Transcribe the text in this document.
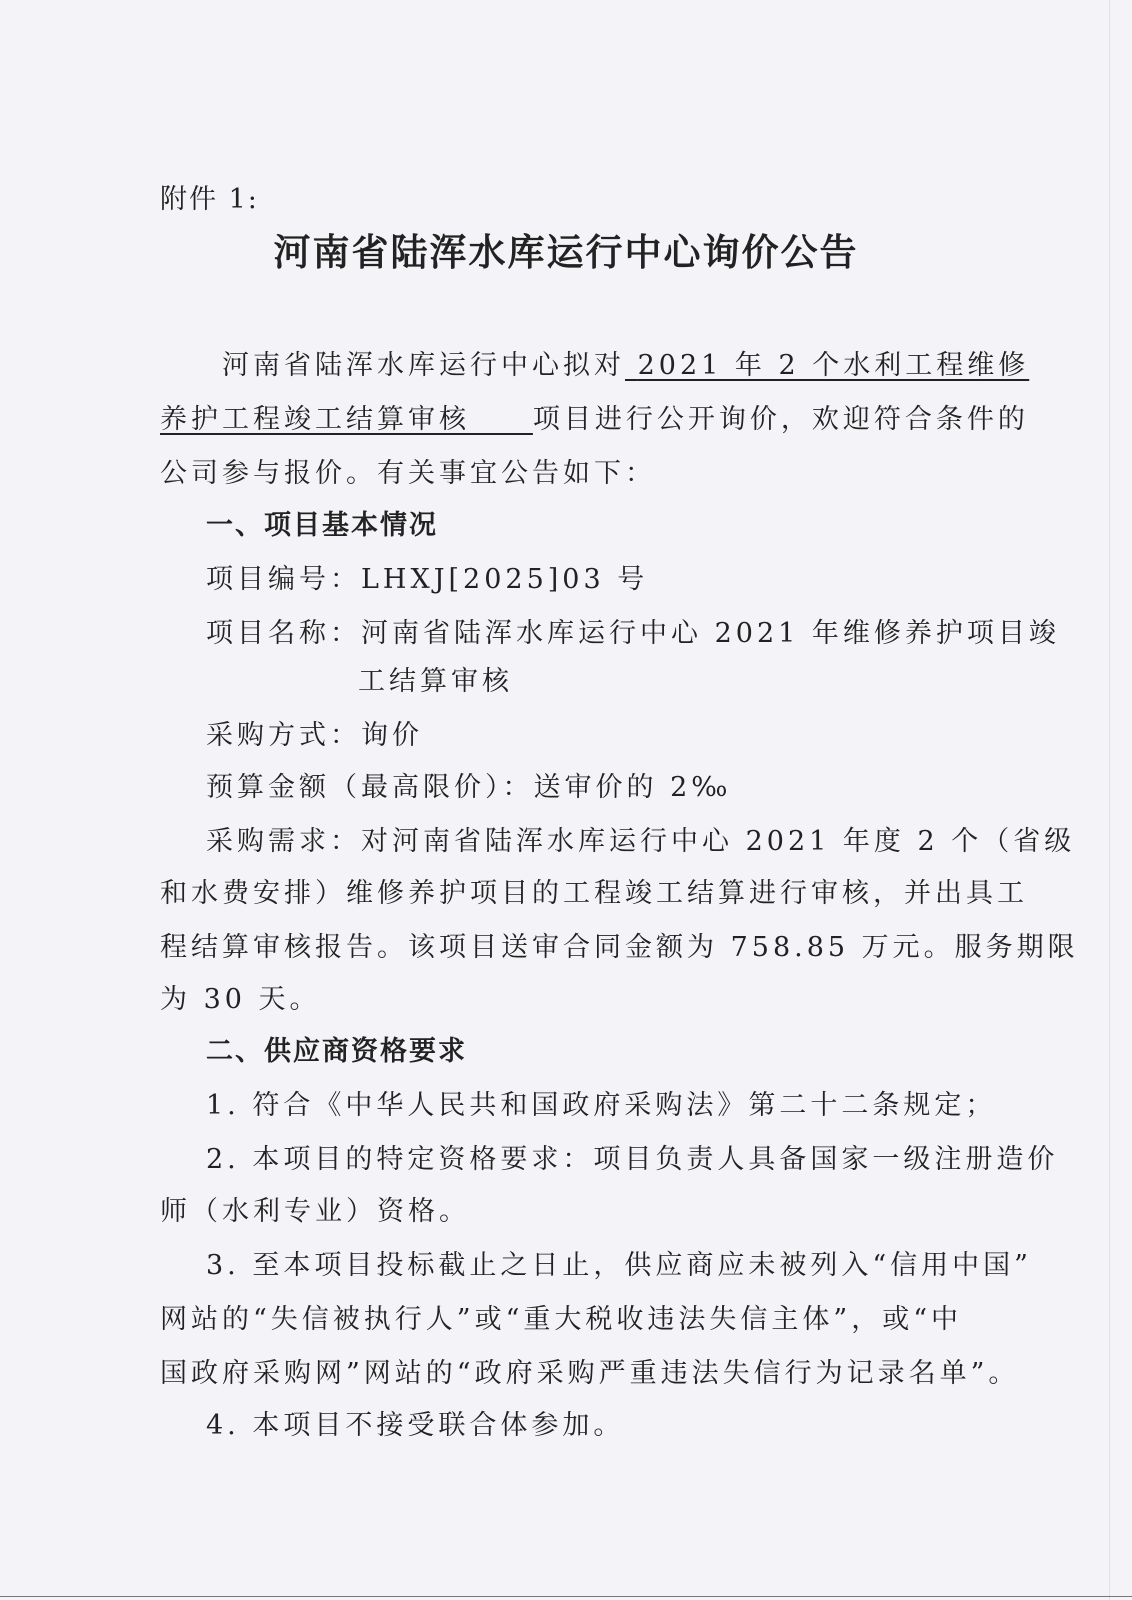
附件 1:
河南省陆浑水库运行中心询价公告
河南省陆浑水库运行中心拟对 2021 年 2 个水利工程维修
养护工程竣工结算审核 项目进行公开询价，欢迎符合条件的
公司参与报价。有关事宜公告如下：
一、项目基本情况
项目编号：LHXJ[2025]03 号
项目名称：河南省陆浑水库运行中心 2021 年维修养护项目竣
工结算审核
采购方式：询价
预算金额（最高限价）：送审价的 2‰
采购需求：对河南省陆浑水库运行中心 2021 年度 2 个（省级
和水费安排）维修养护项目的工程竣工结算进行审核，并出具工
程结算审核报告。该项目送审合同金额为 758.85 万元。服务期限
为 30 天。
二、供应商资格要求
1. 符合《中华人民共和国政府采购法》第二十二条规定；
2. 本项目的特定资格要求：项目负责人具备国家一级注册造价
师（水利专业）资格。
3. 至本项目投标截止之日止，供应商应未被列入“信用中国”
网站的“失信被执行人”或“重大税收违法失信主体”，或“中
国政府采购网”网站的“政府采购严重违法失信行为记录名单”。
4. 本项目不接受联合体参加。
